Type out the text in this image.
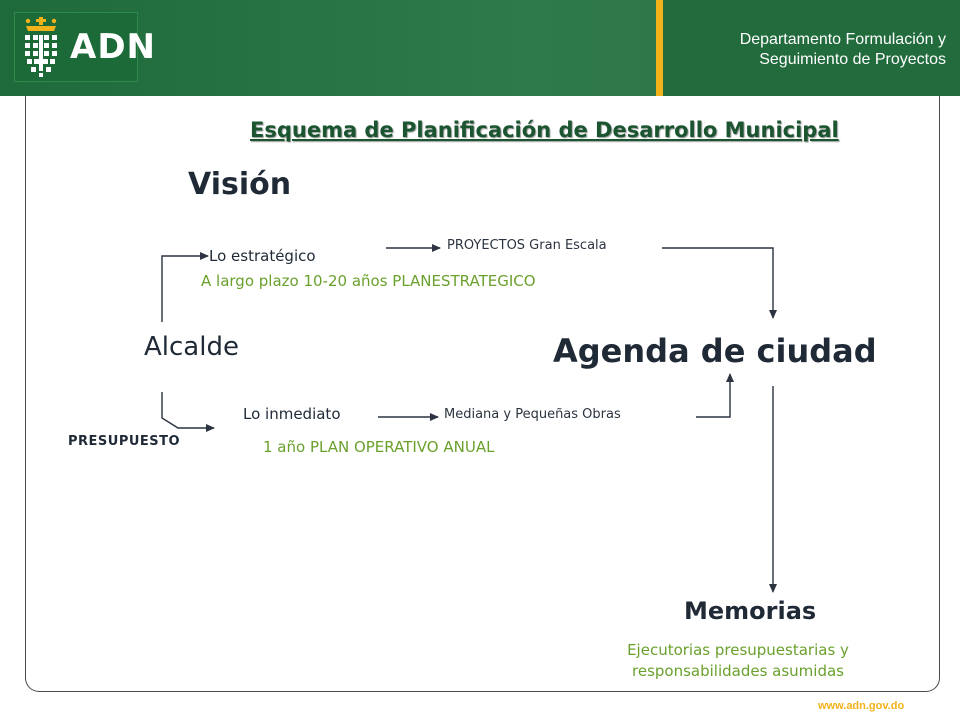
ADN	Departamento Formulación y
Seguimiento de Proyectos
Esquema de Planificación de Desarrollo Municipal
Visión
Lo estratégico
A largo plazo 10-20 años PLANESTRATEGICO
PROYECTOS Gran Escala
Alcalde	Agenda de ciudad
Lo inmediato	Mediana y Pequeñas Obras
PRESUPUESTO	1 año PLAN OPERATIVO ANUAL
Memorias
Ejecutorias presupuestarias y
responsabilidades asumidas
www.adn.gov.do
